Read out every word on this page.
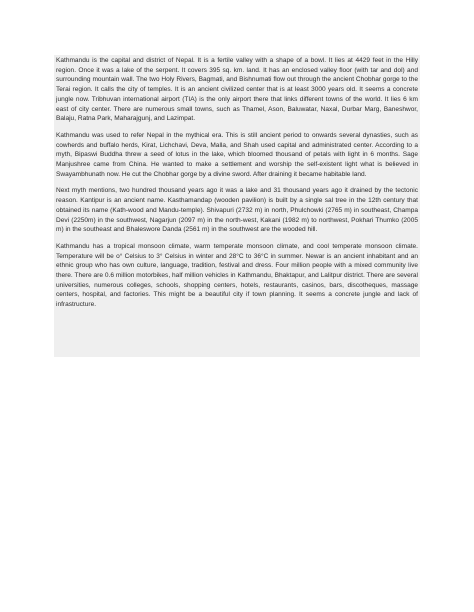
Kathmandu is the capital and district of Nepal. It is a fertile valley with a shape of a bowl. It lies at 4429 feet in the Hilly region. Once it was a lake of the serpent. It covers 395 sq. km. land. It has an enclosed valley floor (with tar and dol) and surrounding mountain wall. The two Holy Rivers, Bagmati, and Bishnumati flow out through the ancient Chobhar gorge to the Terai region. It calls the city of temples. It is an ancient civilized center that is at least 3000 years old. It seems a concrete jungle now. Tribhuvan international airport (TIA) is the only airport there that links different towns of the world. It lies 6 km east of city center. There are numerous small towns, such as Thamel, Ason, Baluwatar, Naxal, Durbar Marg, Baneshwor, Balaju, Ratna Park, Maharajgunj, and Lazimpat.

Kathmandu was used to refer Nepal in the mythical era. This is still ancient period to onwards several dynasties, such as cowherds and buffalo herds, Kirat, Lichchavi, Deva, Malla, and Shah used capital and administrated center. According to a myth, Bipaswi Buddha threw a seed of lotus in the lake, which bloomed thousand of petals with light in 6 months. Sage Manjushree came from China. He wanted to make a settlement and worship the self-existent light what is believed in Swayambhunath now. He cut the Chobhar gorge by a divine sword. After draining it became habitable land.

Next myth mentions, two hundred thousand years ago it was a lake and 31 thousand years ago it drained by the tectonic reason. Kantipur is an ancient name. Kasthamandap (wooden pavilion) is built by a single sal tree in the 12th century that obtained its name (Kath-wood and Mandu-temple). Shivapuri (2732 m) in north, Phulchowki (2765 m) in southeast, Champa Devi (2250m) in the southwest, Nagarjun (2097 m) in the north-west, Kakani (1982 m) to northwest, Pokhari Thumko (2005 m) in the southeast and Bhaleswore Danda (2561 m) in the southwest are the wooded hill.

Kathmandu has a tropical monsoon climate, warm temperate monsoon climate, and cool temperate monsoon climate. Temperature will be o° Celsius to 3° Celsius in winter and 28°C to 36°C in summer. Newar is an ancient inhabitant and an ethnic group who has own culture, language, tradition, festival and dress. Four million people with a mixed community live there. There are 0.6 million motorbikes, half million vehicles in Kathmandu, Bhaktapur, and Lalitpur district. There are several universities, numerous colleges, schools, shopping centers, hotels, restaurants, casinos, bars, discotheques, massage centers, hospital, and factories. This might be a beautiful city if town planning. It seems a concrete jungle and lack of infrastructure.
